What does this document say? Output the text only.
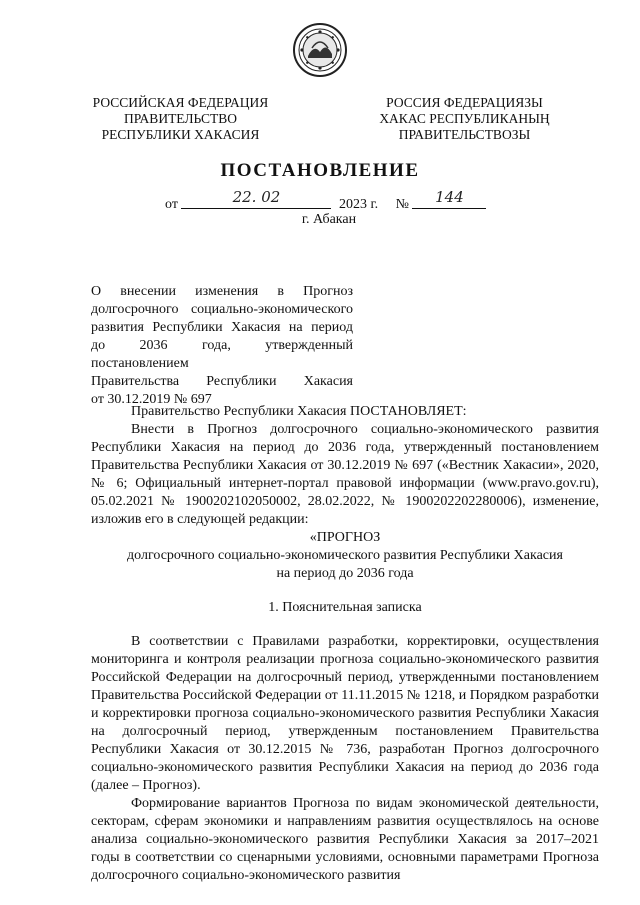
РОССИЙСКАЯ ФЕДЕРАЦИЯ
ПРАВИТЕЛЬСТВО
РЕСПУБЛИКИ ХАКАСИЯ
РОССИЯ ФЕДЕРАЦИЯЗЫ
ХАКАС РЕСПУБЛИКАНЫҢ
ПРАВИТЕЛЬСТВОЗЫ
ПОСТАНОВЛЕНИЕ
от	22. 02	2023 г. № 144
г. Абакан
О внесении изменения в Прогноз
долгосрочного социально-экономического
развития Республики Хакасия на период
до 2036 года, утвержденный постановлением
Правительства Республики Хакасия
от 30.12.2019 № 697

Правительство Республики Хакасия ПОСТАНОВЛЯЕТ:

Внести в Прогноз долгосрочного социально-экономического развития Республики Хакасия на период до 2036 года, утвержденный постановлением Правительства Республики Хакасия от 30.12.2019 № 697 («Вестник Хакасии», 2020, № 6; Официальный интернет-портал правовой информации (www.pravo.gov.ru), 05.02.2021 № 1900202102050002, 28.02.2022, № 1900202202280006), изменение, изложив его в следующей редакции:

«ПРОГНОЗ

долгосрочного социально-экономического развития Республики Хакасия

на период до 2036 года

1. Пояснительная записка

В соответствии с Правилами разработки, корректировки, осуществления мониторинга и контроля реализации прогноза социально-экономического развития Российской Федерации на долгосрочный период, утвержденными постановлением Правительства Российской Федерации от 11.11.2015 № 1218, и Порядком разработки и корректировки прогноза социально-экономического развития Республики Хакасия на долгосрочный период, утвержденным постановлением Правительства Республики Хакасия от 30.12.2015 № 736, разработан Прогноз долгосрочного социально-экономического развития Республики Хакасия на период до 2036 года (далее – Прогноз).

Формирование вариантов Прогноза по видам экономической деятельности, секторам, сферам экономики и направлениям развития осуществлялось на основе анализа социально-экономического развития Республики Хакасия за 2017–2021 годы в соответствии со сценарными условиями, основными параметрами Прогноза долгосрочного социально-экономического развития
